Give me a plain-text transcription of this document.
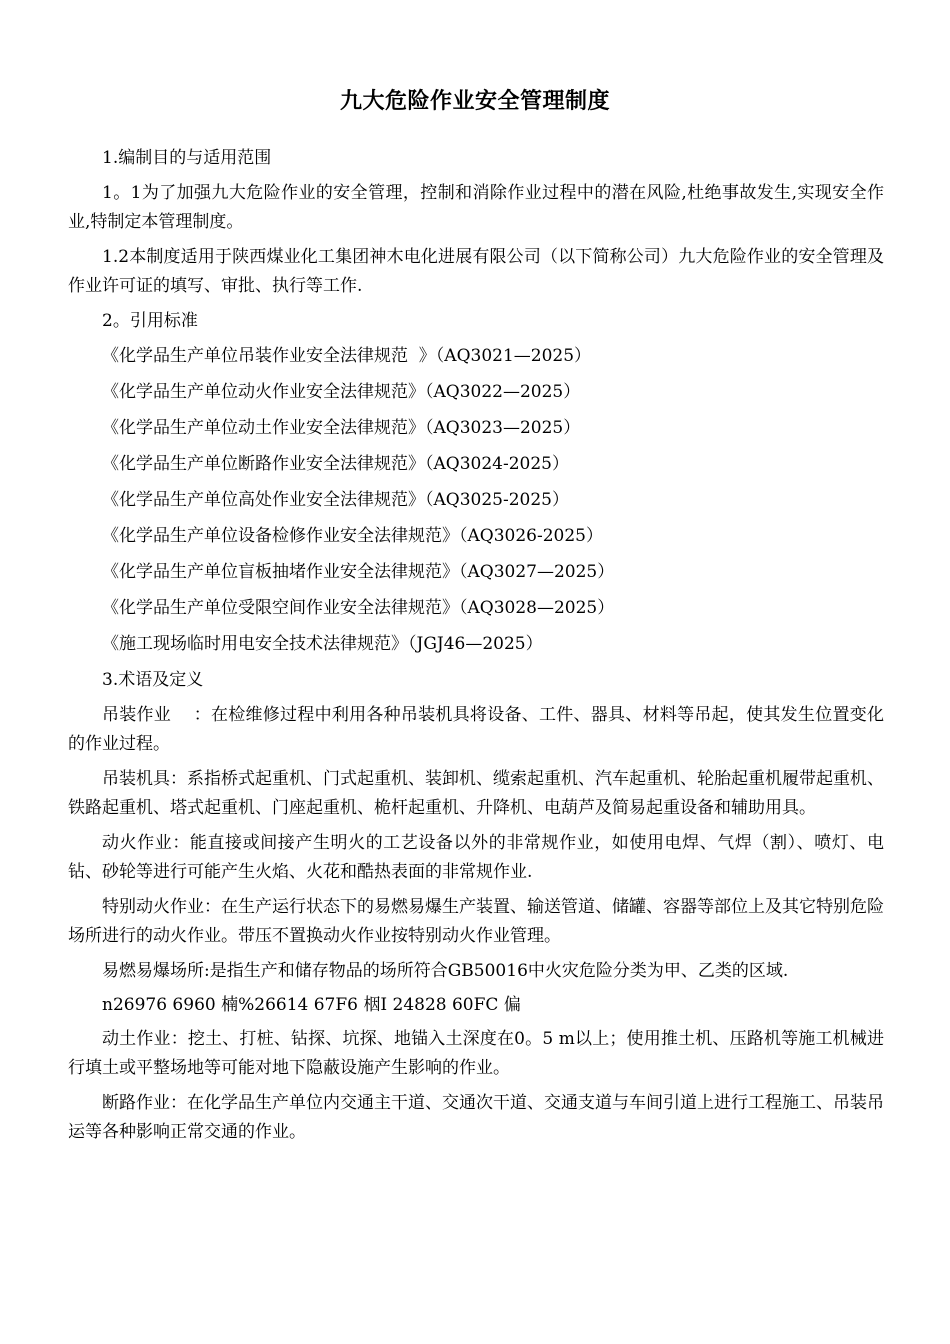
九大危险作业安全管理制度
1.编制目的与适用范围
1。1为了加强九大危险作业的安全管理，控制和消除作业过程中的潜在风险,杜绝事故发生,实现安全作业,特制定本管理制度。
1.2本制度适用于陕西煤业化工集团神木电化进展有限公司（以下简称公司）九大危险作业的安全管理及作业许可证的填写、审批、执行等工作.
2。引用标准
《化学品生产单位吊装作业安全法律规范  》（AQ3021—2025）
《化学品生产单位动火作业安全法律规范》（AQ3022—2025）
《化学品生产单位动土作业安全法律规范》（AQ3023—2025）
《化学品生产单位断路作业安全法律规范》（AQ3024-2025）
《化学品生产单位高处作业安全法律规范》（AQ3025-2025）
《化学品生产单位设备检修作业安全法律规范》（AQ3026-2025）
《化学品生产单位盲板抽堵作业安全法律规范》（AQ3027—2025）
《化学品生产单位受限空间作业安全法律规范》（AQ3028—2025）
《施工现场临时用电安全技术法律规范》（JGJ46—2025）
3.术语及定义
吊装作业    ：在检维修过程中利用各种吊装机具将设备、工件、器具、材料等吊起，使其发生位置变化的作业过程。
吊装机具：系指桥式起重机、门式起重机、装卸机、缆索起重机、汽车起重机、轮胎起重机履带起重机、铁路起重机、塔式起重机、门座起重机、桅杆起重机、升降机、电葫芦及简易起重设备和辅助用具。
动火作业：能直接或间接产生明火的工艺设备以外的非常规作业，如使用电焊、气焊（割）、喷灯、电钻、砂轮等进行可能产生火焰、火花和酷热表面的非常规作业.
特别动火作业：在生产运行状态下的易燃易爆生产装置、输送管道、储罐、容器等部位上及其它特别危险场所进行的动火作业。带压不置换动火作业按特别动火作业管理。
易燃易爆场所:是指生产和储存物品的场所符合GB50016中火灾危险分类为甲、乙类的区域.
n26976 6960 楠%26614 67F6 栶I 24828 60FC 偏
动土作业：挖土、打桩、钻探、坑探、地锚入土深度在0。5 m以上；使用推土机、压路机等施工机械进行填土或平整场地等可能对地下隐蔽设施产生影响的作业。
断路作业：在化学品生产单位内交通主干道、交通次干道、交通支道与车间引道上进行工程施工、吊装吊运等各种影响正常交通的作业。
